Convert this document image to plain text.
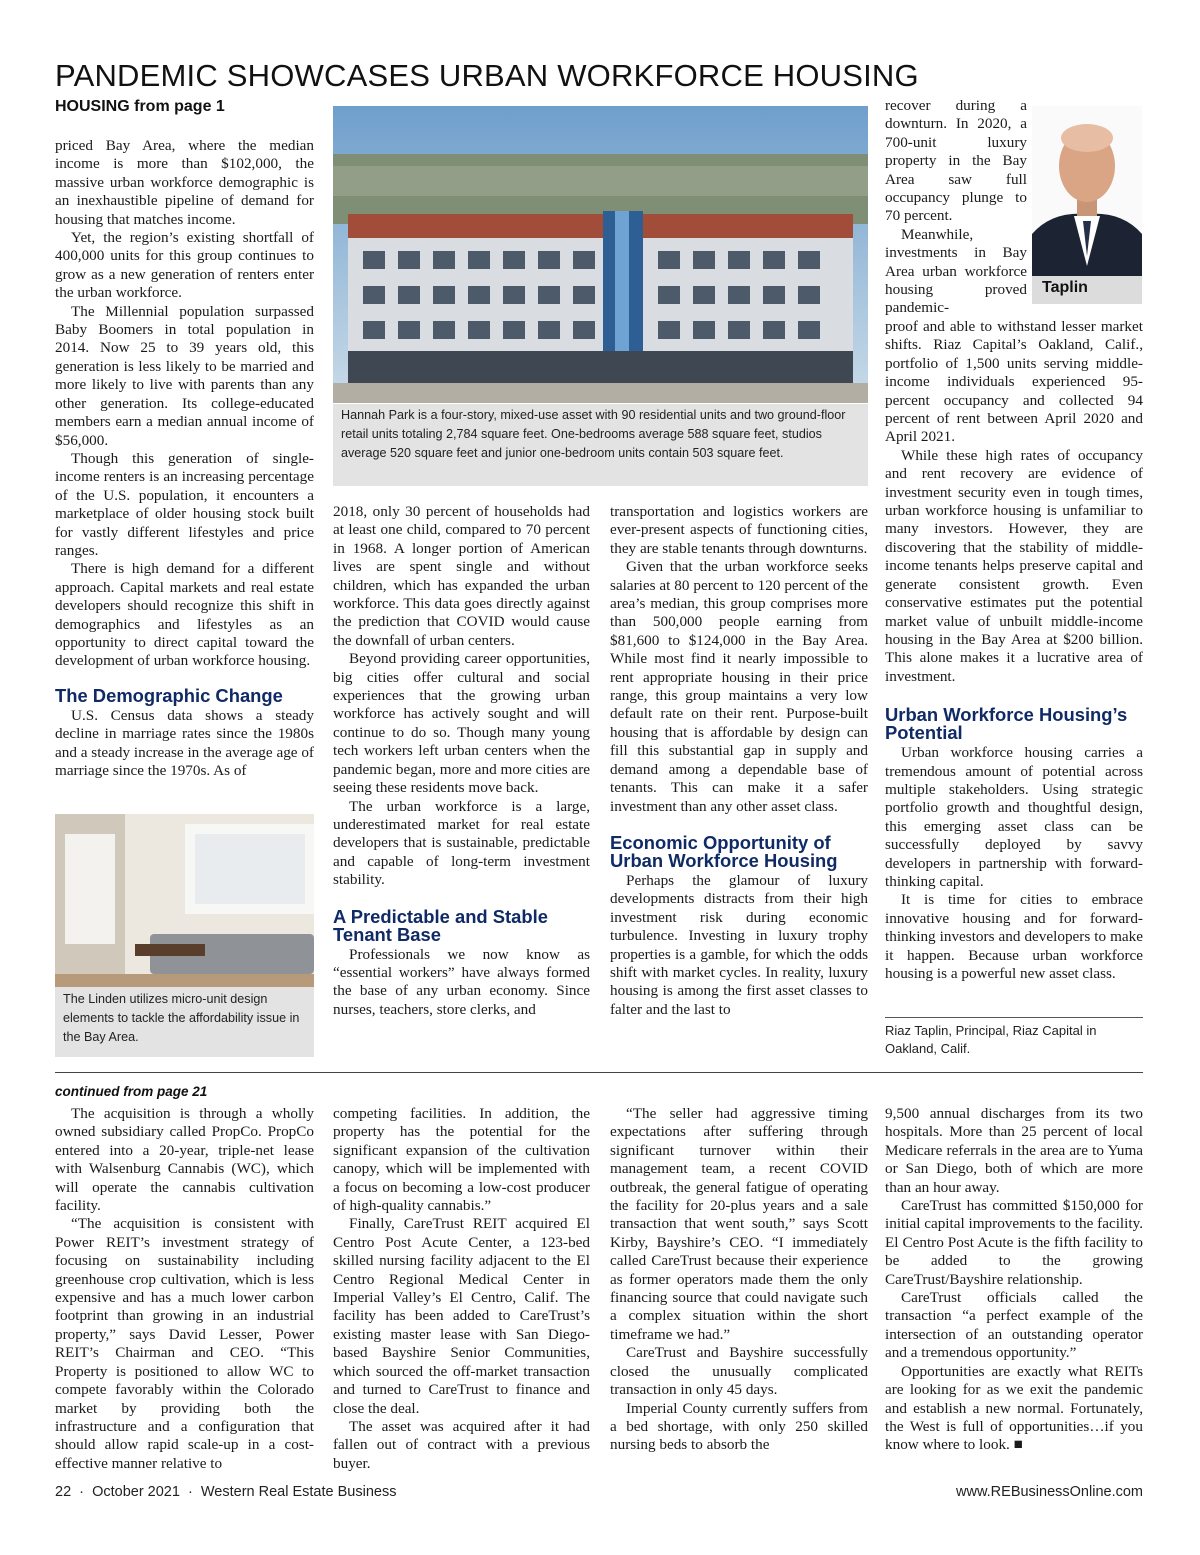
PANDEMIC SHOWCASES URBAN WORKFORCE HOUSING
HOUSING from page 1

priced Bay Area, where the median income is more than $102,000, the massive urban workforce demographic is an inexhaustible pipeline of demand for housing that matches income.

Yet, the region’s existing shortfall of 400,000 units for this group continues to grow as a new generation of renters enter the urban workforce.

The Millennial population surpassed Baby Boomers in total population in 2014. Now 25 to 39 years old, this generation is less likely to be married and more likely to live with parents than any other generation. Its college-educated members earn a median annual income of $56,000.

Though this generation of single-income renters is an increasing percentage of the U.S. population, it encounters a marketplace of older housing stock built for vastly different lifestyles and price ranges.

There is high demand for a different approach. Capital markets and real estate developers should recognize this shift in demographics and lifestyles as an opportunity to direct capital toward the development of urban workforce housing.

The Demographic Change

U.S. Census data shows a steady decline in marriage rates since the 1980s and a steady increase in the average age of marriage since the 1970s. As of

Hannah Park is a four-story, mixed-use asset with 90 residential units and two ground-floor retail units totaling 2,784 square feet. One-bedrooms average 588 square feet, studios average 520 square feet and junior one-bedroom units contain 503 square feet.
The Linden utilizes micro-unit design elements to tackle the affordability issue in the Bay Area.

2018, only 30 percent of households had at least one child, compared to 70 percent in 1968. A longer portion of American lives are spent single and without children, which has expanded the urban workforce. This data goes directly against the prediction that COVID would cause the downfall of urban centers.

Beyond providing career opportunities, big cities offer cultural and social experiences that the growing urban workforce has actively sought and will continue to do so. Though many young tech workers left urban centers when the pandemic began, more and more cities are seeing these residents move back.

The urban workforce is a large, underestimated market for real estate developers that is sustainable, predictable and capable of long-term investment stability.

A Predictable and Stable Tenant Base

Professionals we now know as “essential workers” have always formed the base of any urban economy. Since nurses, teachers, store clerks, and

transportation and logistics workers are ever-present aspects of functioning cities, they are stable tenants through downturns.

Given that the urban workforce seeks salaries at 80 percent to 120 percent of the area’s median, this group comprises more than 500,000 people earning from $81,600 to $124,000 in the Bay Area. While most find it nearly impossible to rent appropriate housing in their price range, this group maintains a very low default rate on their rent. Purpose-built housing that is affordable by design can fill this substantial gap in supply and demand among a dependable base of tenants. This can make it a safer investment than any other asset class.

Economic Opportunity of Urban Workforce Housing

Perhaps the glamour of luxury developments distracts from their high investment risk during economic turbulence. Investing in luxury trophy properties is a gamble, for which the odds shift with market cycles. In reality, luxury housing is among the first asset classes to falter and the last to

Taplin

recover during a downturn. In 2020, a 700-unit luxury property in the Bay Area saw full occupancy plunge to 70 percent.

Meanwhile, investments in Bay Area urban workforce housing proved pandemic-

proof and able to withstand lesser market shifts. Riaz Capital’s Oakland, Calif., portfolio of 1,500 units serving middle-income individuals experienced 95-percent occupancy and collected 94 percent of rent between April 2020 and April 2021.

While these high rates of occupancy and rent recovery are evidence of investment security even in tough times, urban workforce housing is unfamiliar to many investors. However, they are discovering that the stability of middle-income tenants helps preserve capital and generate consistent growth. Even conservative estimates put the potential market value of unbuilt middle-income housing in the Bay Area at $200 billion. This alone makes it a lucrative area of investment.

Urban Workforce Housing’s Potential

Urban workforce housing carries a tremendous amount of potential across multiple stakeholders. Using strategic portfolio growth and thoughtful design, this emerging asset class can be successfully deployed by savvy developers in partnership with forward-thinking capital.

It is time for cities to embrace innovative housing and for forward-thinking investors and developers to make it happen. Because urban workforce housing is a powerful new asset class.

Riaz Taplin, Principal, Riaz Capital in Oakland, Calif.
continued from page 21

The acquisition is through a wholly owned subsidiary called PropCo. PropCo entered into a 20-year, triple-net lease with Walsenburg Cannabis (WC), which will operate the cannabis cultivation facility.

“The acquisition is consistent with Power REIT’s investment strategy of focusing on sustainability including greenhouse crop cultivation, which is less expensive and has a much lower carbon footprint than growing in an industrial property,” says David Lesser, Power REIT’s Chairman and CEO. “This Property is positioned to allow WC to compete favorably within the Colorado market by providing both the infrastructure and a configuration that should allow rapid scale-up in a cost-effective manner relative to

competing facilities. In addition, the property has the potential for the significant expansion of the cultivation canopy, which will be implemented with a focus on becoming a low-cost producer of high-quality cannabis.”

Finally, CareTrust REIT acquired El Centro Post Acute Center, a 123-bed skilled nursing facility adjacent to the El Centro Regional Medical Center in Imperial Valley’s El Centro, Calif. The facility has been added to CareTrust’s existing master lease with San Diego-based Bayshire Senior Communities, which sourced the off-market transaction and turned to CareTrust to finance and close the deal.

The asset was acquired after it had fallen out of contract with a previous buyer.

“The seller had aggressive timing expectations after suffering through significant turnover within their management team, a recent COVID outbreak, the general fatigue of operating the facility for 20-plus years and a sale transaction that went south,” says Scott Kirby, Bayshire’s CEO. “I immediately called CareTrust because their experience as former operators made them the only financing source that could navigate such a complex situation within the short timeframe we had.”

CareTrust and Bayshire successfully closed the unusually complicated transaction in only 45 days.

Imperial County currently suffers from a bed shortage, with only 250 skilled nursing beds to absorb the

9,500 annual discharges from its two hospitals. More than 25 percent of local Medicare referrals in the area are to Yuma or San Diego, both of which are more than an hour away.

CareTrust has committed $150,000 for initial capital improvements to the facility. El Centro Post Acute is the fifth facility to be added to the growing CareTrust/Bayshire relationship.

CareTrust officials called the transaction “a perfect example of the intersection of an outstanding operator and a tremendous opportunity.”

Opportunities are exactly what REITs are looking for as we exit the pandemic and establish a new normal. Fortunately, the West is full of opportunities…if you know where to look. ■

22  ·  October 2021  ·  Western Real Estate Business	www.REBusinessOnline.com
